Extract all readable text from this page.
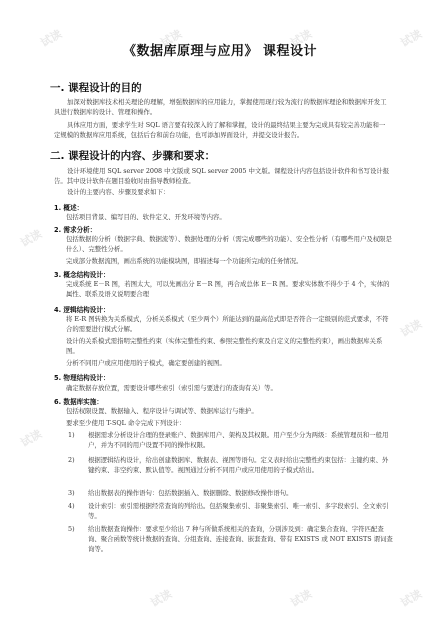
《数据库原理与应用》 课程设计
一. 课程设计的目的

加深对数据库技术相关理论的理解，增强数据库的应用能力，掌握使用现行较为流行的数据库理论和数据库开发工具进行数据库的设计、管理和操作。

具体应用方面，要求学生对 SQL 语言要有较深入的了解和掌握，设计的最终结果主要为完成具有较完善功能和一定规模的数据库应用系统，包括后台和前台功能，也可添加界面设计，并提交设计报告。

二. 课程设计的内容、步骤和要求：

设计环境使用 SQL server 2008 中文版或 SQL server 2005 中文版。课程设计内容包括设计软件和书写设计报告。其中设计软件在题目验收时由指导教师检查。

设计的主要内容、步骤及要求如下：

1. 概述：

包括项目背景、编写目的、软件定义、开发环境等内容。

2. 需求分析：

包括数据的分析（数据字典、数据流等）、数据处理的分析（需完成哪些的功能）、安全性分析（有哪些用户及权限是什么）、完整性分析。

完成部分数据流图，画出系统的功能模块图，即描述每一个功能所完成的任务情况。

3. 概念结构设计：

完成系统 E－R 图，若图太大，可以先画出分 E－R 图，再合成总体 E－R 图。要求实体数不得少于 4 个，实体的属性、联系及语义说明要合理

4. 逻辑结构设计：

将 E-R 图转换为关系模式，分析关系模式（至少两个）所能达到的最高范式即是否符合一定级别的范式要求，不符合的需要进行模式分解。

设计的关系模式需指明完整性约束（实体完整性约束、参照完整性约束及自定义的完整性约束），画出数据库关系图。

分析不同用户或应用使用的子模式，确定要创建的视图。

5. 物理结构设计：

确定数据存放位置，需要设计哪些索引（索引需与要进行的查询有关）等。

6. 数据库实施：

包括权限设置、数据输入、程序设计与调试等、数据库运行与维护。

要求至少使用 T-SQL 命令完成下列设计：

1)	根据需求分析设计合理的登录账户、数据库用户、架构及其权限。用户至少分为两级：系统管理员和一般用户，并为不同的用户设置不同的操作权限。
2)	根据逻辑结构设计，给出创建数据库、数据表、视图等语句。定义表时给出完整性约束包括：主键约束、外键约束、非空约束、默认值等。视图通过分析不同用户或应用使用的子模式给出。
3)	给出数据表的操作语句：包括数据插入、数据删除、数据修改操作语句。
4)	设计索引：索引需根据经常查询的列给出。包括聚集索引、非聚集索引、唯一索引、多字段索引、全文索引等。
5)	给出数据查询操作：要求至少给出 7 种与所做系统相关的查询，分别涉及到：确定集合查询、字符匹配查询、聚合函数等统计数据的查询、分组查询、连接查询、嵌套查询、带有 EXISTS 或 NOT EXISTS 谓词查询等。
试读	试读	试读	试读
试读
试读
试读
试读	试读	试读
